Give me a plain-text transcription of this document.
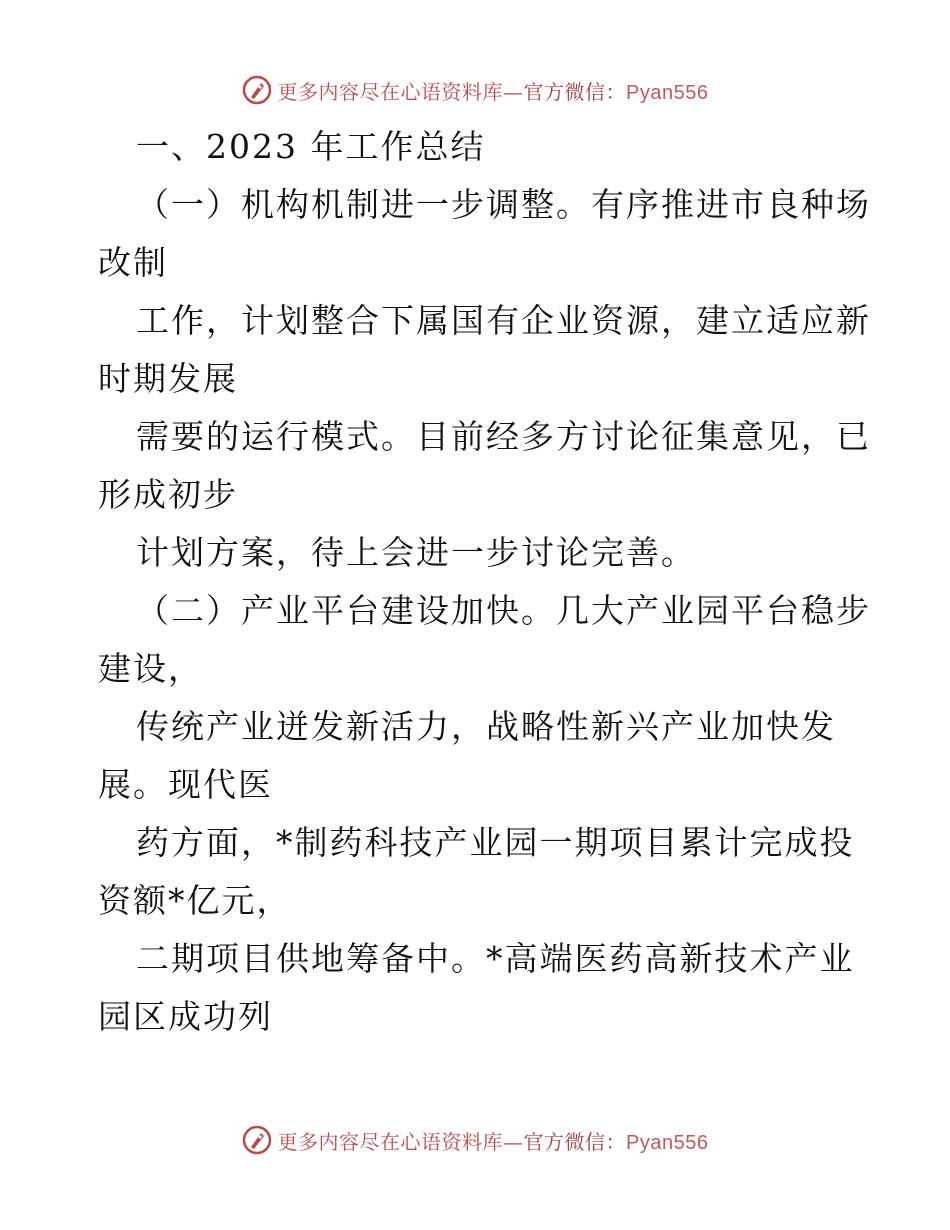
更多内容尽在心语资料库—官方微信：Pyan556
一、2023 年工作总结
（一）机构机制进一步调整。有序推进市良种场
改制
工作，计划整合下属国有企业资源，建立适应新
时期发展
需要的运行模式。目前经多方讨论征集意见，已
形成初步
计划方案，待上会进一步讨论完善。
（二）产业平台建设加快。几大产业园平台稳步
建设，
传统产业迸发新活力，战略性新兴产业加快发
展。现代医
药方面，*制药科技产业园一期项目累计完成投
资额*亿元，
二期项目供地筹备中。*高端医药高新技术产业
园区成功列
更多内容尽在心语资料库—官方微信：Pyan556
